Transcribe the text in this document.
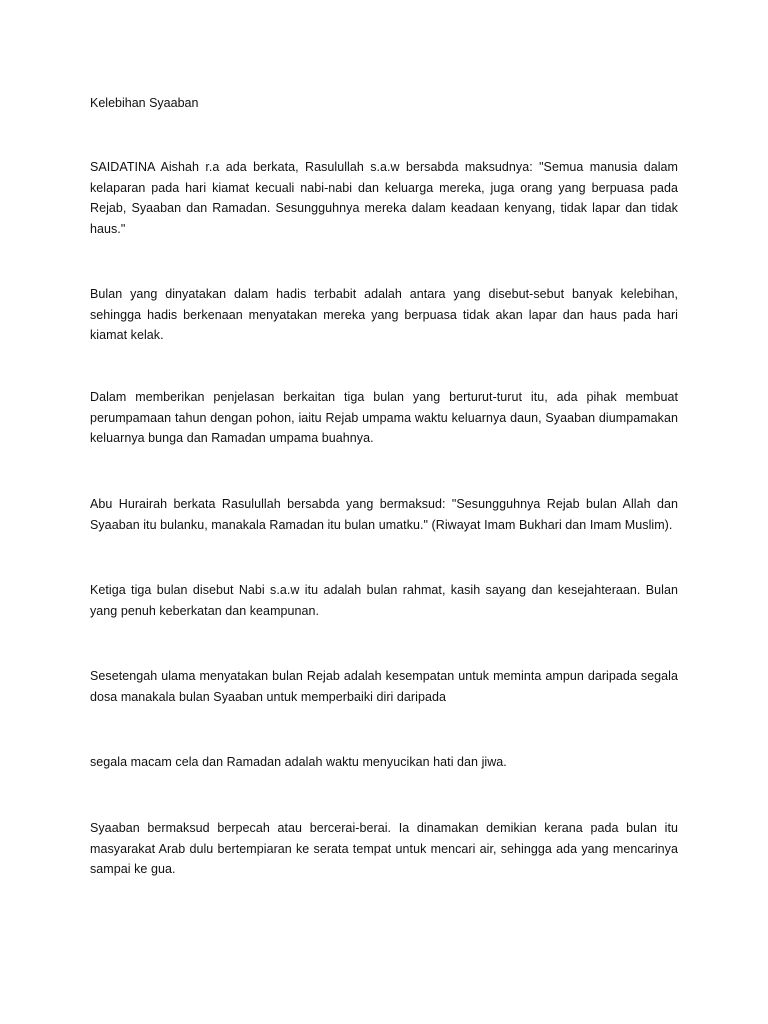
Kelebihan Syaaban

SAIDATINA Aishah r.a ada berkata, Rasulullah s.a.w bersabda maksudnya: "Semua manusia dalam kelaparan pada hari kiamat kecuali nabi-nabi dan keluarga mereka, juga orang yang berpuasa pada Rejab, Syaaban dan Ramadan. Sesungguhnya mereka dalam keadaan kenyang, tidak lapar dan tidak haus."

Bulan yang dinyatakan dalam hadis terbabit adalah antara yang disebut-sebut banyak kelebihan, sehingga hadis berkenaan menyatakan mereka yang berpuasa tidak akan lapar dan haus pada hari kiamat kelak.

Dalam memberikan penjelasan berkaitan tiga bulan yang berturut-turut itu, ada pihak membuat perumpamaan tahun dengan pohon, iaitu Rejab umpama waktu keluarnya daun, Syaaban diumpamakan keluarnya bunga dan Ramadan umpama buahnya.

Abu Hurairah berkata Rasulullah bersabda yang bermaksud: "Sesungguhnya Rejab bulan Allah dan Syaaban itu bulanku, manakala Ramadan itu bulan umatku." (Riwayat Imam Bukhari dan Imam Muslim).

Ketiga tiga bulan disebut Nabi s.a.w itu adalah bulan rahmat, kasih sayang dan kesejahteraan. Bulan yang penuh keberkatan dan keampunan.

Sesetengah ulama menyatakan bulan Rejab adalah kesempatan untuk meminta ampun daripada segala dosa manakala bulan Syaaban untuk memperbaiki diri daripada

segala macam cela dan Ramadan adalah waktu menyucikan hati dan jiwa.

Syaaban bermaksud berpecah atau bercerai-berai. Ia dinamakan demikian kerana pada bulan itu masyarakat Arab dulu bertempiaran ke serata tempat untuk mencari air, sehingga ada yang mencarinya sampai ke gua.
